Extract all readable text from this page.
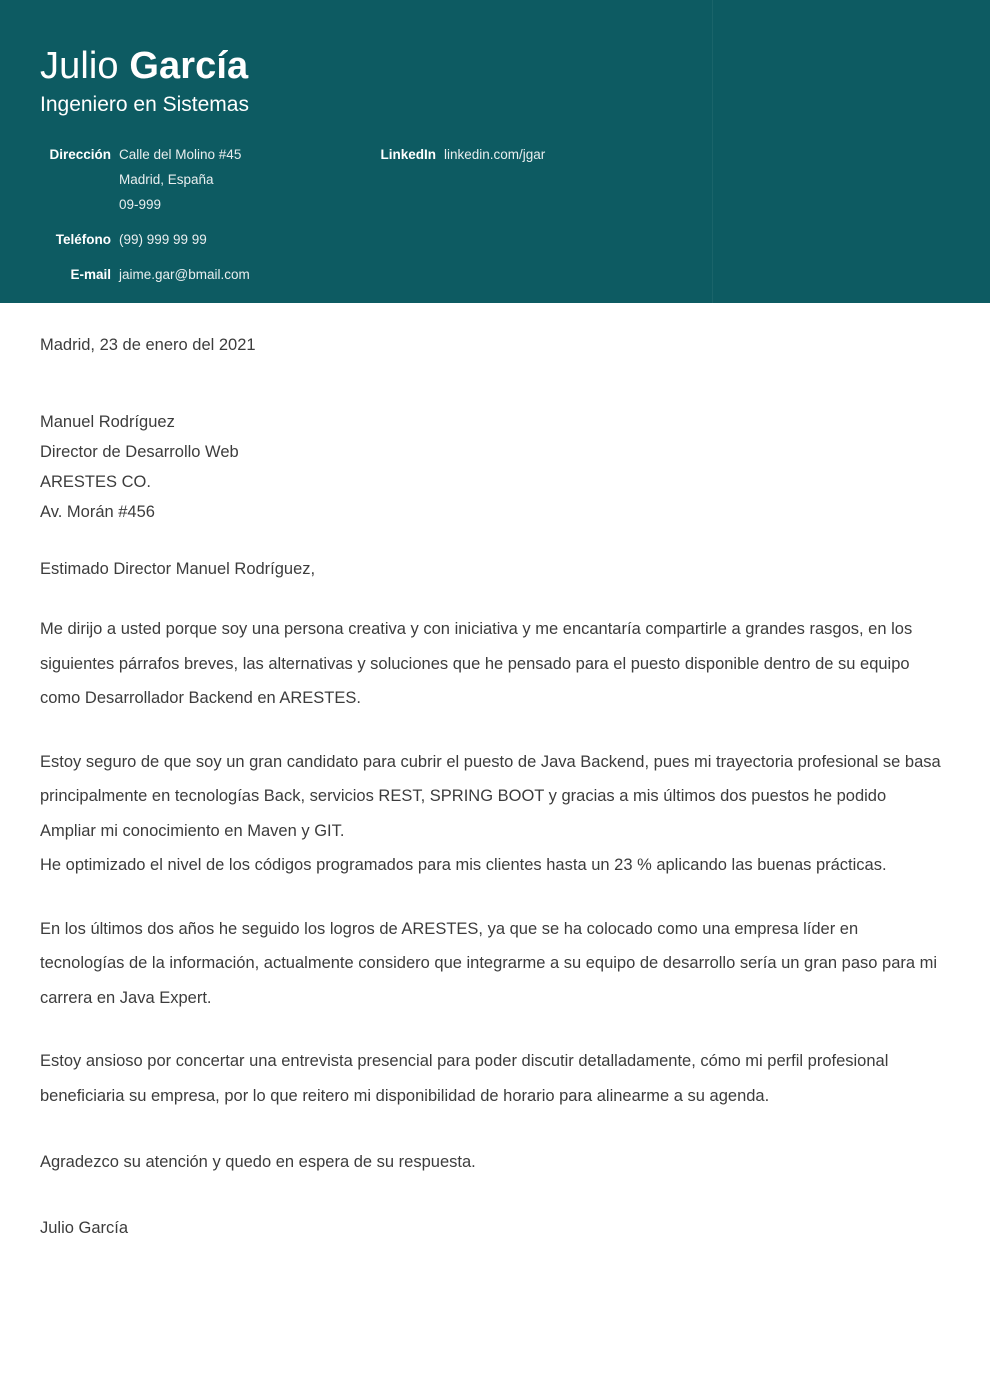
Julio García
Ingeniero en Sistemas
Dirección Calle del Molino #45
Madrid, España
09-999
Teléfono (99) 999 99 99
E-mail jaime.gar@bmail.com
LinkedIn linkedin.com/jgar
Madrid, 23 de enero del 2021
Manuel Rodríguez
Director de Desarrollo Web
ARESTES CO.
Av. Morán #456
Estimado Director Manuel Rodríguez,
Me dirijo a usted porque soy una persona creativa y con iniciativa y me encantaría compartirle a grandes rasgos, en los siguientes párrafos breves, las alternativas y soluciones que he pensado para el puesto disponible dentro de su equipo como Desarrollador Backend en ARESTES.
Estoy seguro de que soy un gran candidato para cubrir el puesto de Java Backend, pues mi trayectoria profesional se basa principalmente en tecnologías Back, servicios REST, SPRING BOOT y gracias a mis últimos dos puestos he podido Ampliar mi conocimiento en Maven y GIT.
He optimizado el nivel de los códigos programados para mis clientes hasta un 23 % aplicando las buenas prácticas.
En los últimos dos años he seguido los logros de ARESTES, ya que se ha colocado como una empresa líder en tecnologías de la información, actualmente considero que integrarme a su equipo de desarrollo sería un gran paso para mi carrera en Java Expert.
Estoy ansioso por concertar una entrevista presencial para poder discutir detalladamente, cómo mi perfil profesional beneficiaria su empresa, por lo que reitero mi disponibilidad de horario para alinearme a su agenda.
Agradezco su atención y quedo en espera de su respuesta.
Julio García
